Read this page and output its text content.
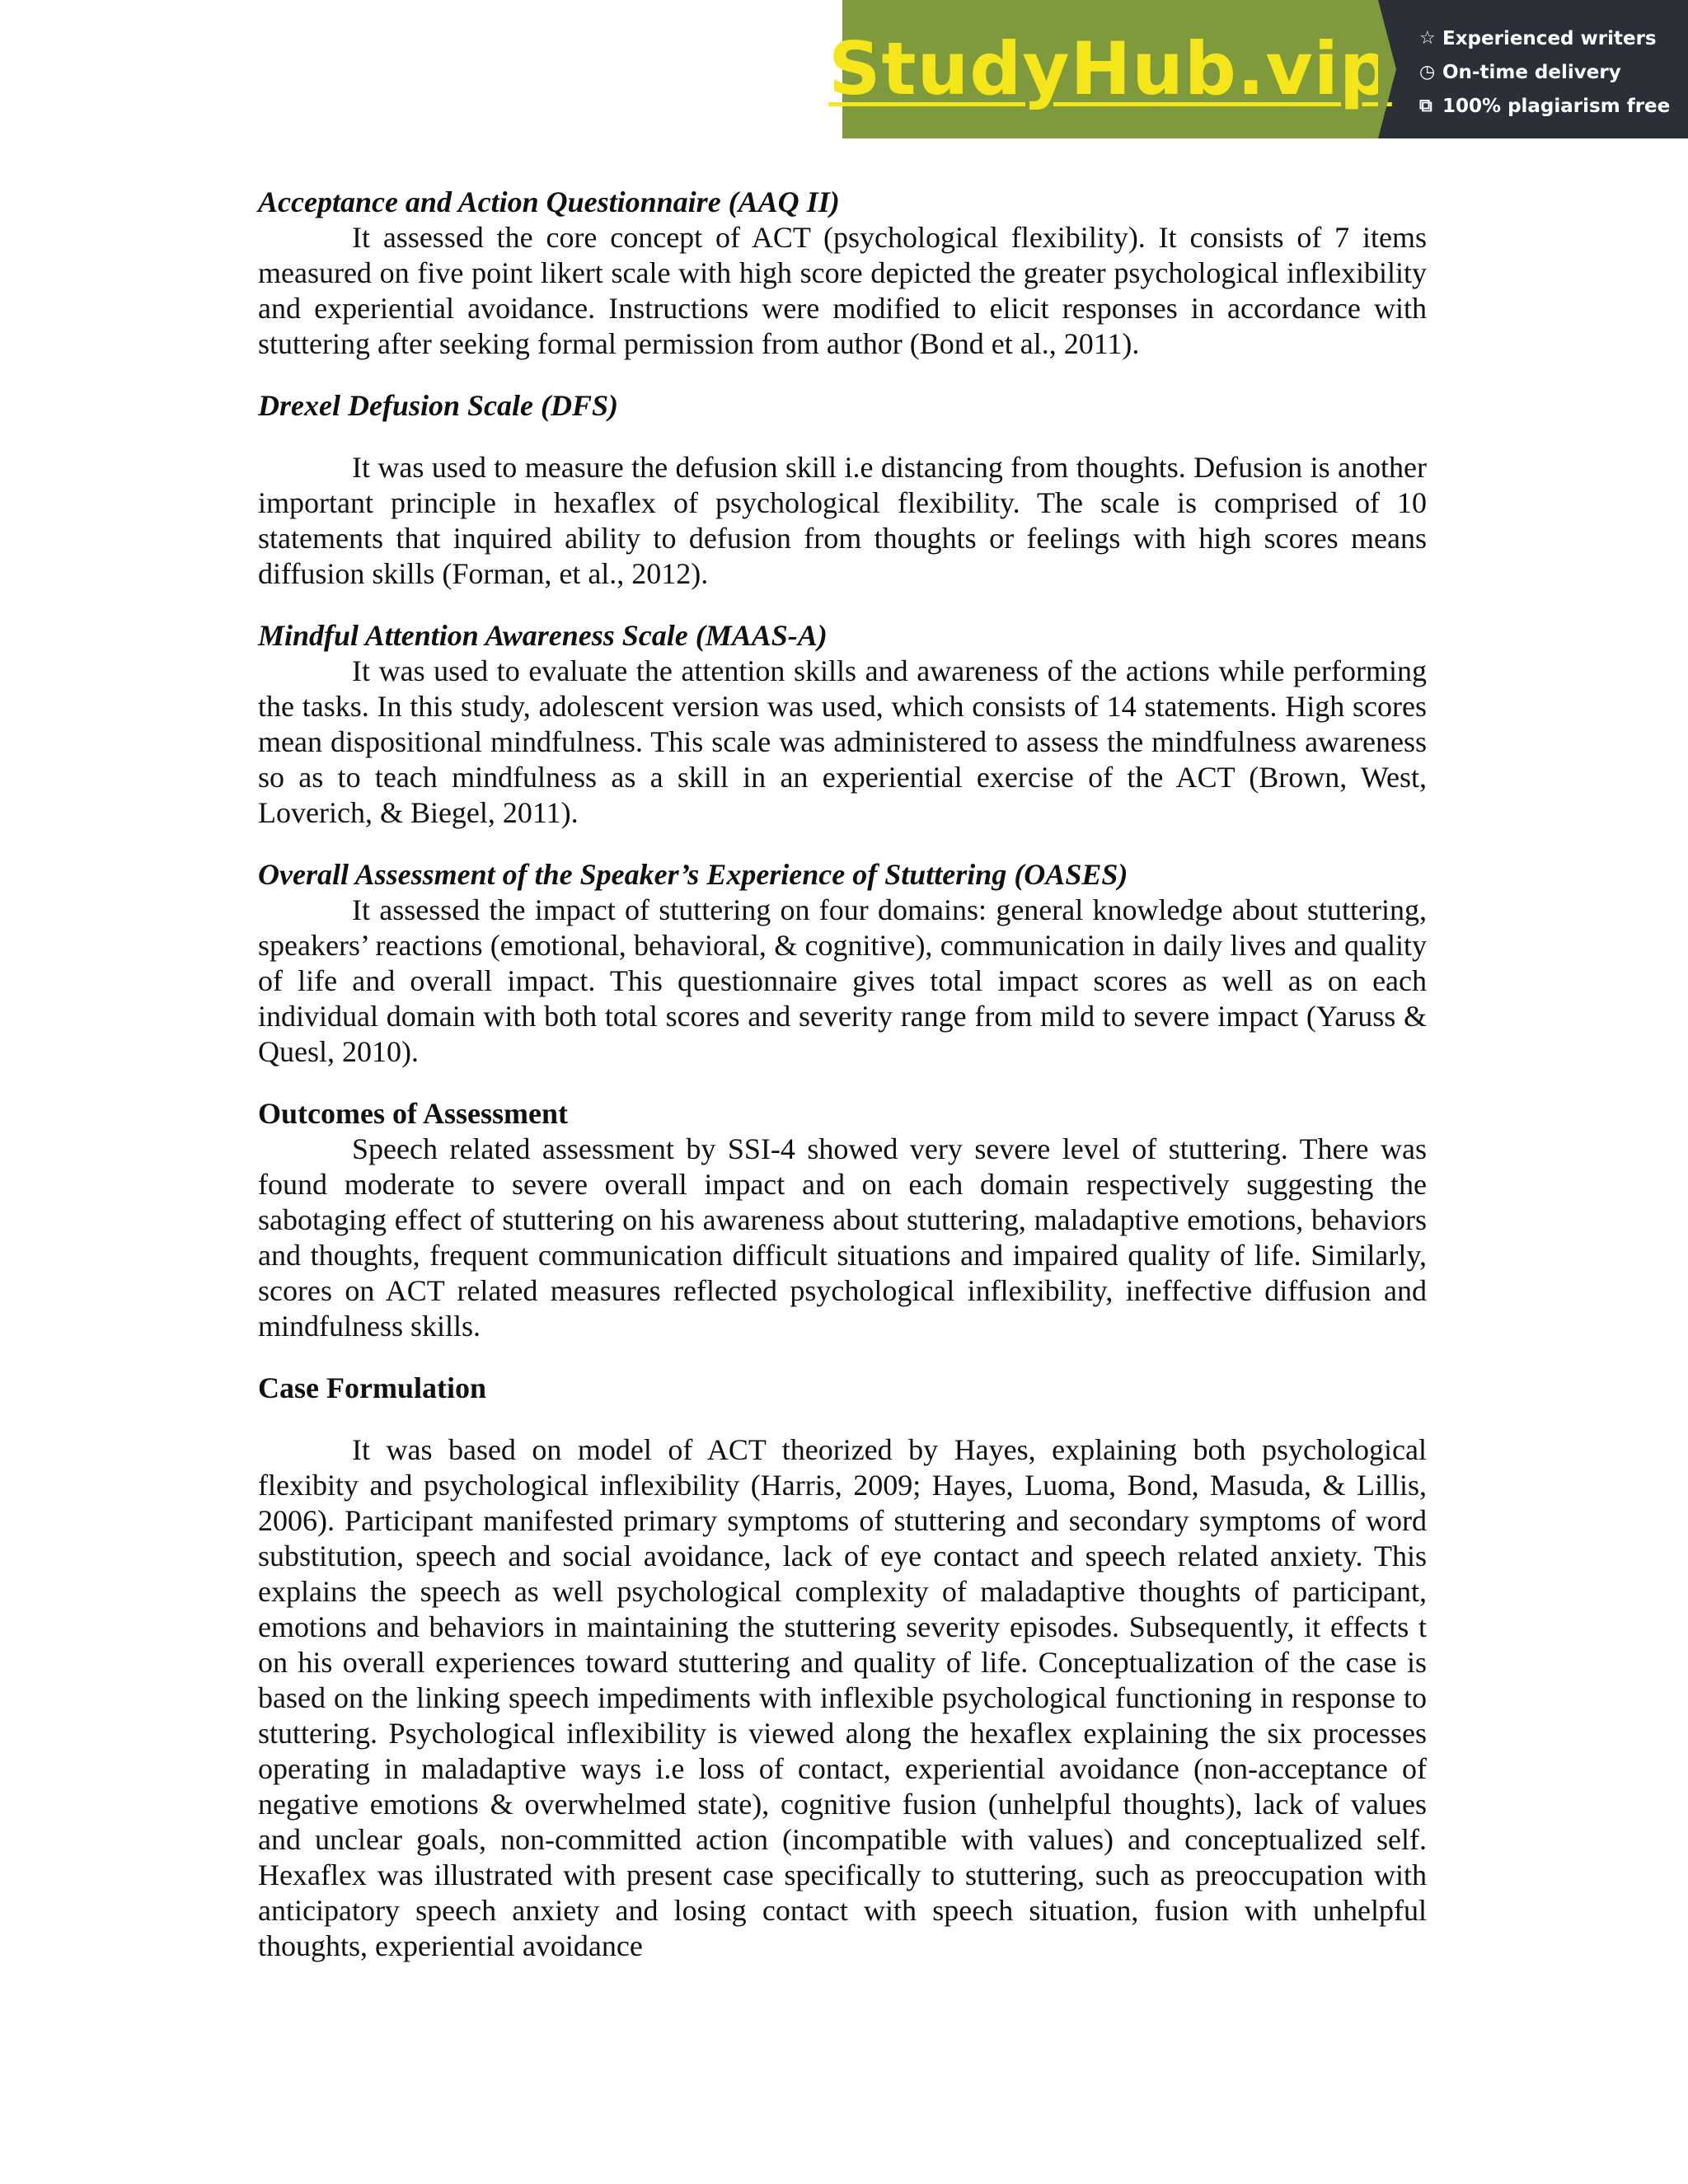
StudyHub.vip ☆ Experienced writers
◷ On-time delivery
⧉ 100% plagiarism free
Acceptance and Action Questionnaire (AAQ II)

It assessed the core concept of ACT (psychological flexibility). It consists of 7 items measured on five point likert scale with high score depicted the greater psychological inflexibility and experiential avoidance. Instructions were modified to elicit responses in accordance with stuttering after seeking formal permission from author (Bond et al., 2011).

Drexel Defusion Scale (DFS)

It was used to measure the defusion skill i.e distancing from thoughts. Defusion is another important principle in hexaflex of psychological flexibility. The scale is comprised of 10 statements that inquired ability to defusion from thoughts or feelings with high scores means diffusion skills (Forman, et al., 2012).

Mindful Attention Awareness Scale (MAAS-A)

It was used to evaluate the attention skills and awareness of the actions while performing the tasks. In this study, adolescent version was used, which consists of 14 statements. High scores mean dispositional mindfulness. This scale was administered to assess the mindfulness awareness so as to teach mindfulness as a skill in an experiential exercise of the ACT (Brown, West, Loverich, & Biegel, 2011).

Overall Assessment of the Speaker’s Experience of Stuttering (OASES)

It assessed the impact of stuttering on four domains: general knowledge about stuttering, speakers’ reactions (emotional, behavioral, & cognitive), communication in daily lives and quality of life and overall impact. This questionnaire gives total impact scores as well as on each individual domain with both total scores and severity range from mild to severe impact (Yaruss & Quesl, 2010).

Outcomes of Assessment

Speech related assessment by SSI-4 showed very severe level of stuttering. There was found moderate to severe overall impact and on each domain respectively suggesting the sabotaging effect of stuttering on his awareness about stuttering, maladaptive emotions, behaviors and thoughts, frequent communication difficult situations and impaired quality of life. Similarly, scores on ACT related measures reflected psychological inflexibility, ineffective diffusion and mindfulness skills.

Case Formulation

It was based on model of ACT theorized by Hayes, explaining both psychological flexibity and psychological inflexibility (Harris, 2009; Hayes, Luoma, Bond, Masuda, & Lillis, 2006). Participant manifested primary symptoms of stuttering and secondary symptoms of word substitution, speech and social avoidance, lack of eye contact and speech related anxiety. This explains the speech as well psychological complexity of maladaptive thoughts of participant, emotions and behaviors in maintaining the stuttering severity episodes. Subsequently, it effects t on his overall experiences toward stuttering and quality of life. Conceptualization of the case is based on the linking speech impediments with inflexible psychological functioning in response to stuttering. Psychological inflexibility is viewed along the hexaflex explaining the six processes operating in maladaptive ways i.e loss of contact, experiential avoidance (non-acceptance of negative emotions & overwhelmed state), cognitive fusion (unhelpful thoughts), lack of values and unclear goals, non-committed action (incompatible with values) and conceptualized self. Hexaflex was illustrated with present case specifically to stuttering, such as preoccupation with anticipatory speech anxiety and losing contact with speech situation, fusion with unhelpful thoughts, experiential avoidance
